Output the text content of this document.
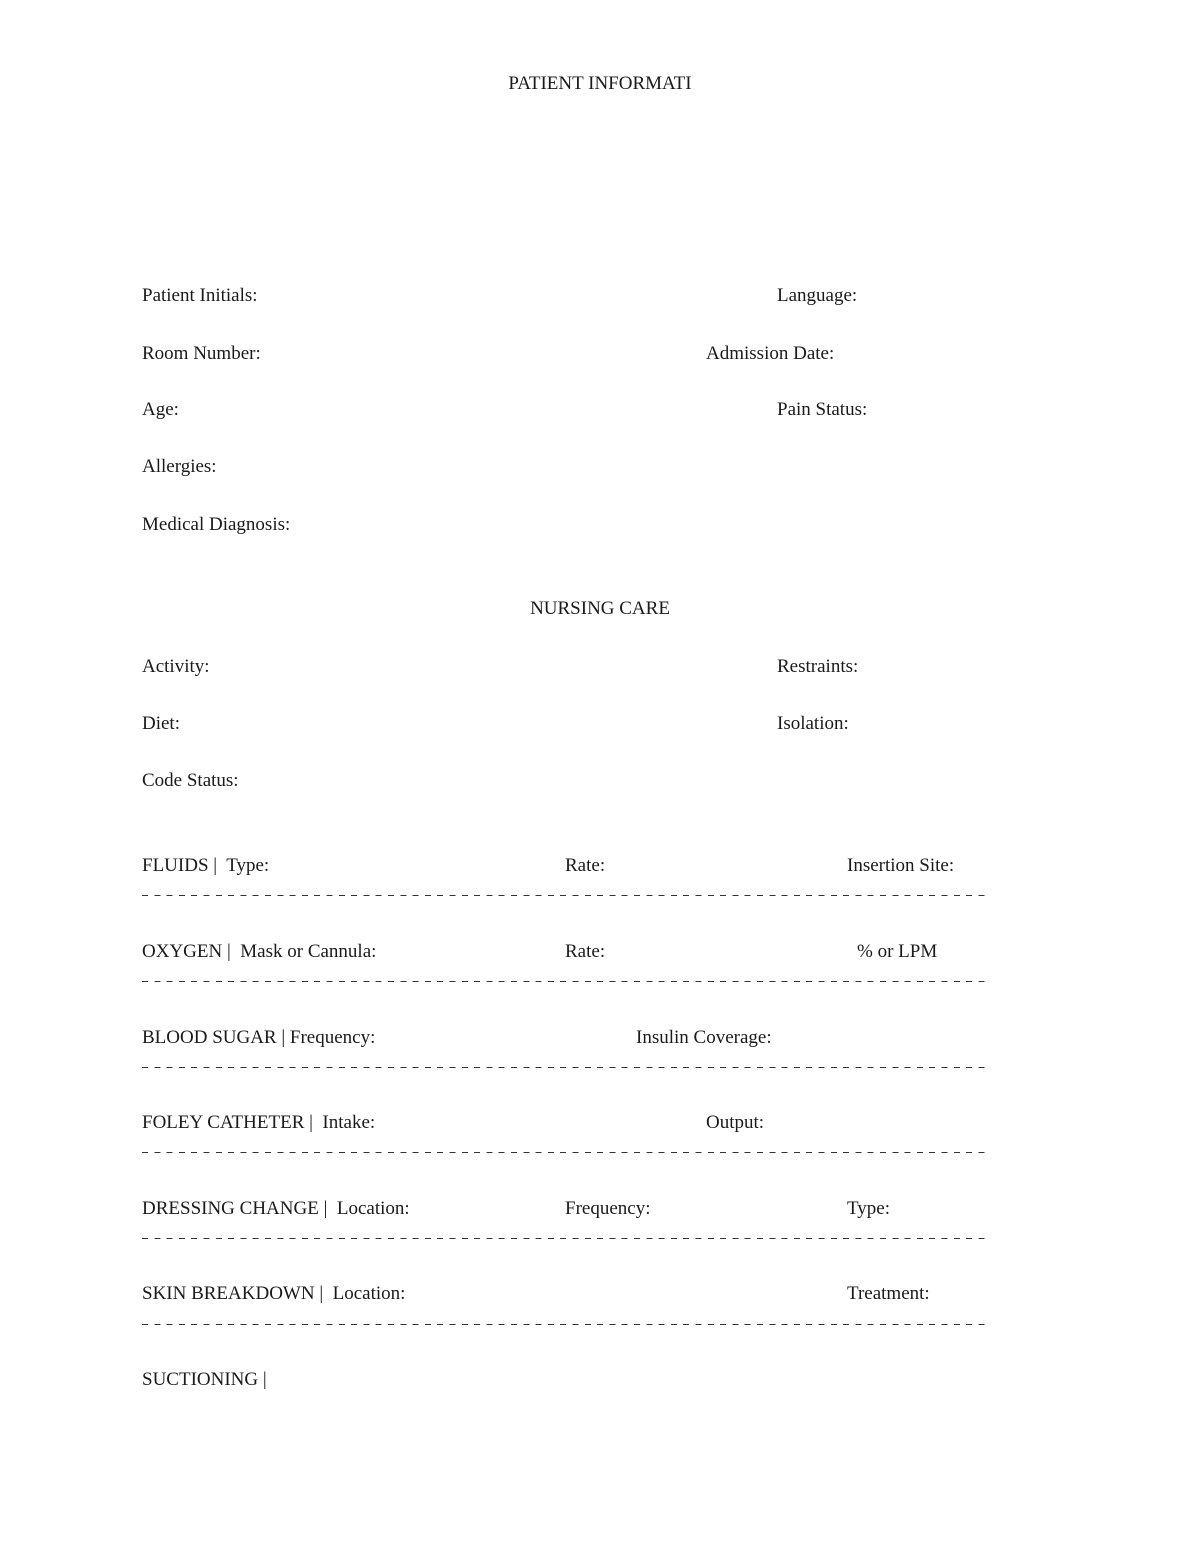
PATIENT INFORMATI
Patient Initials:	Language:
Room Number:	Admission Date:
Age:	Pain Status:
Allergies:
Medical Diagnosis:
NURSING CARE
Activity:	Restraints:
Diet:	Isolation:
Code Status:
FLUIDS |  Type:	Rate:	Insertion Site:
OXYGEN |  Mask or Cannula:	Rate:	% or LPM
BLOOD SUGAR | Frequency:	Insulin Coverage:
FOLEY CATHETER |  Intake:	Output:
DRESSING CHANGE |  Location:	Frequency:	Type:
SKIN BREAKDOWN |  Location:	Treatment:
SUCTIONING |
